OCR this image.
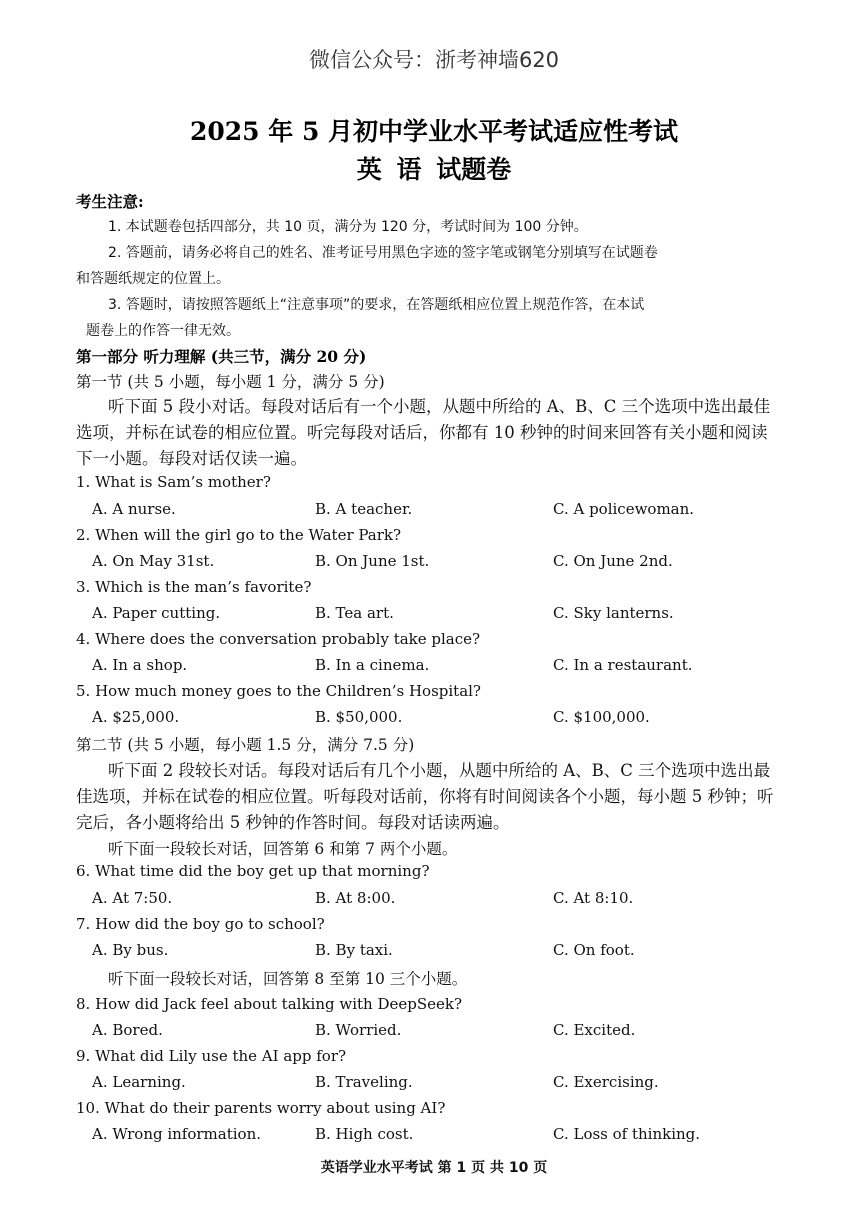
微信公众号：浙考神墙620
2025 年 5 月初中学业水平考试适应性考试
英 语 试题卷
考生注意:
1. 本试题卷包括四部分，共 10 页，满分为 120 分，考试时间为 100 分钟。
2. 答题前，请务必将自己的姓名、准考证号用黑色字迹的签字笔或钢笔分别填写在试题卷
和答题纸规定的位置上。
3. 答题时，请按照答题纸上“注意事项”的要求，在答题纸相应位置上规范作答，在本试
题卷上的作答一律无效。
第一部分 听力理解 (共三节，满分 20 分)
第一节 (共 5 小题，每小题 1 分，满分 5 分)
听下面 5 段小对话。每段对话后有一个小题，从题中所给的 A、B、C 三个选项中选出最佳选项，并标在试卷的相应位置。听完每段对话后，你都有 10 秒钟的时间来回答有关小题和阅读下一小题。每段对话仅读一遍。
1. What is Sam’s mother?
A. A nurse.	B. A teacher.	C. A policewoman.
2. When will the girl go to the Water Park?
A. On May 31st.	B. On June 1st.	C. On June 2nd.
3. Which is the man’s favorite?
A. Paper cutting.	B. Tea art.	C. Sky lanterns.
4. Where does the conversation probably take place?
A. In a shop.	B. In a cinema.	C. In a restaurant.
5. How much money goes to the Children’s Hospital?
A. $25,000.	B. $50,000.	C. $100,000.
第二节 (共 5 小题，每小题 1.5 分，满分 7.5 分)
听下面 2 段较长对话。每段对话后有几个小题，从题中所给的 A、B、C 三个选项中选出最佳选项，并标在试卷的相应位置。听每段对话前，你将有时间阅读各个小题，每小题 5 秒钟；听完后，各小题将给出 5 秒钟的作答时间。每段对话读两遍。
听下面一段较长对话，回答第 6 和第 7 两个小题。
6. What time did the boy get up that morning?
A. At 7:50.	B. At 8:00.	C. At 8:10.
7. How did the boy go to school?
A. By bus.	B. By taxi.	C. On foot.
听下面一段较长对话，回答第 8 至第 10 三个小题。
8. How did Jack feel about talking with DeepSeek?
A. Bored.	B. Worried.	C. Excited.
9. What did Lily use the AI app for?
A. Learning.	B. Traveling.	C. Exercising.
10. What do their parents worry about using AI?
A. Wrong information.	B. High cost.	C. Loss of thinking.
英语学业水平考试 第 1 页 共 10 页
